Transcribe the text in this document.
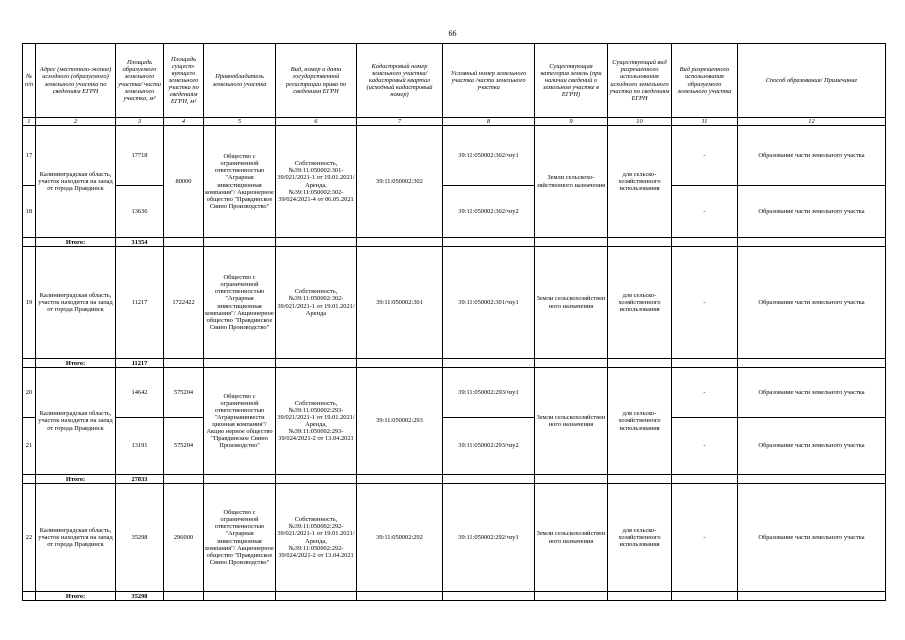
66
№ п/п	Адрес (местополо-жение) исходного (образуемого) земельного участка по сведениям ЕГРН	Площадь образуемого земельного участка/ части земельного участка, м²	Площадь сущест-вующего земельного участка по сведениям ЕГРН, м²	Правообладатель земельного участка	Вид, номер и дата государственной регистрации права по сведениям ЕГРН	Кадастровый номер земельного участка/ кадастровый квартал (исходный кадастровый номер)	Условный номер земельного участка /части земельного участка	Существующая категория земель (при наличии сведений о земельном участке в ЕГРН)	Существующий вид разрешенного использования исходного земельного участка по сведениям ЕГРН	Вид разрешенного использования образуемого земельного участка	Способ образования/ Примечание
1	2	3	4	5	6	7	8	9	10	11	12
17	Калининградская область, участок находится на запад от города Правдинск	17718	80000	Общество с ограниченной ответственностью "Аграрная инвестиционная компания"/ Акционерное общество "Правдинское Свино Производство"	Собственность, №39:11:050002:301-39/021/2021-1 от 19.01.2021/ Аренда, №39:11:050002:302-39/024/2021-4 от 06.05.2021	39:11:050002:302	39:11:050002:302/чзу1	Земли сельскохо-зяйственного назначения	для сельско-хозяйственного использования	-	Образование части земельного участка
18		13636					39:11:050002:302/чзу2			-	Образование части земельного участка
	Итого:	31354									
19	Калининградская область, участок находится на запад от города Правдинск	11217	1722422	Общество с ограниченной ответственностью "Аграрная инвестиционная компания"/ Акционерное общество "Правдинское Свино Производство"	Собственность, №39:11:050002:302-39/021/2021-1 от 19.01.2021/ Аренда	39:11:050002:301	39:11:050002:301/чзу1	Земли сельскохозяйствен ного назначения	для сельско-хозяйственного использования	-	Образование части земельного участка
	Итого:	11217									
20	Калининградская область, участок находится на запад от города Правдинск	14642	575204	Общество с ограниченной ответственностью "Аграрнаяинвести ционная компания"/Акцио нерное общество "Правдинское Свино Производство"	Собственность, №39:11:050002:293-39/021/2021-1 от 19.01.2021/ Аренда, №39:11:050002:293-39/024/2021-2 от 13.04.2021	39:11:050002:293	39:11:050002:293/чзу1	Земли сельскохозяйствен ного назначения	для сельско-хозяйственного использования	-	Образование части земельного участка
21		13191	575204				39:11:050002:293/чзу2			-	Образование части земельного участка
	Итого:	27833									
22	Калининградская область, участок находится на запад от города Правдинск	35298	296000	Общество с ограниченной ответственностью "Аграрная инвестиционная компания"/ Акционерное общество "Правдинское Свино Производство"	Собственность, №39:11:050002:292-39/021/2021-1 от 19.01.2021/ Аренда, №39:11:050002:292-39/024/2021-2 от 13.04.2021	39:11:050002:292	39:11:050002:292/чзу1	Земли сельскохозяйствен ного назначения	для сельско-хозяйственного использования	-	Образование части земельного участка
	Итого:	35298									
